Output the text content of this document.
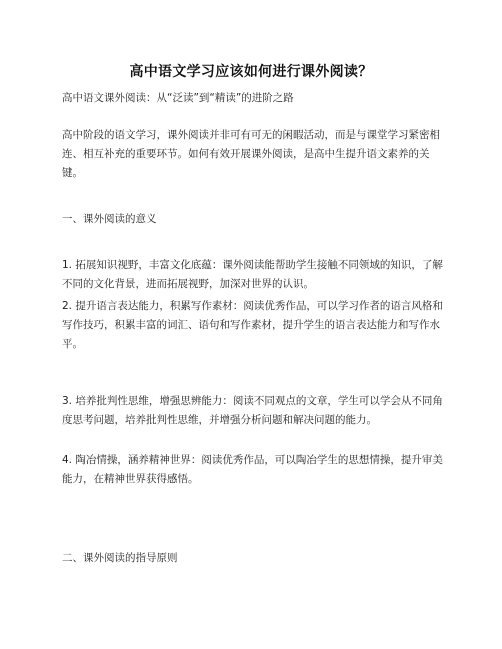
高中语文学习应该如何进行课外阅读？
高中语文课外阅读：从“泛读”到“精读”的进阶之路

高中阶段的语文学习，课外阅读并非可有可无的闲暇活动，而是与课堂学习紧密相连、相互补充的重要环节。如何有效开展课外阅读，是高中生提升语文素养的关键。

一、课外阅读的意义

1. 拓展知识视野，丰富文化底蕴：课外阅读能帮助学生接触不同领域的知识，了解不同的文化背景，进而拓展视野，加深对世界的认识。

2. 提升语言表达能力，积累写作素材：阅读优秀作品，可以学习作者的语言风格和写作技巧，积累丰富的词汇、语句和写作素材，提升学生的语言表达能力和写作水平。

3. 培养批判性思维，增强思辨能力：阅读不同观点的文章，学生可以学会从不同角度思考问题，培养批判性思维，并增强分析问题和解决问题的能力。

4. 陶冶情操，涵养精神世界：阅读优秀作品，可以陶冶学生的思想情操，提升审美能力，在精神世界获得感悟。

二、课外阅读的指导原则
